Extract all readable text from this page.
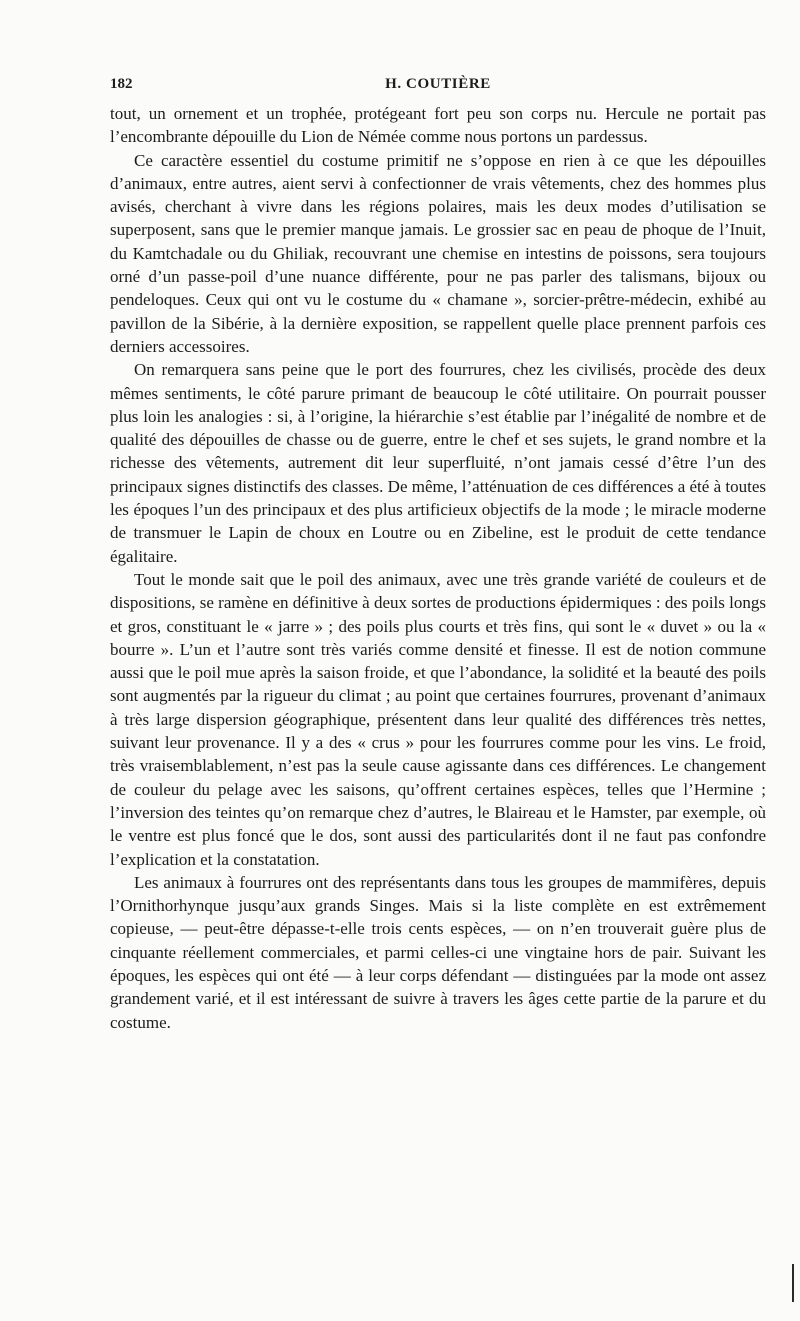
182	H. COUTIÈRE

tout, un ornement et un trophée, protégeant fort peu son corps nu. Hercule ne portait pas l’encombrante dépouille du Lion de Némée comme nous portons un pardessus.

Ce caractère essentiel du costume primitif ne s’oppose en rien à ce que les dépouilles d’animaux, entre autres, aient servi à confectionner de vrais vêtements, chez des hommes plus avisés, cherchant à vivre dans les régions polaires, mais les deux modes d’utilisation se superposent, sans que le premier manque jamais. Le grossier sac en peau de phoque de l’Inuit, du Kamtchadale ou du Ghiliak, recouvrant une chemise en intestins de poissons, sera toujours orné d’un passe-poil d’une nuance différente, pour ne pas parler des talismans, bijoux ou pendeloques. Ceux qui ont vu le costume du « chamane », sorcier-prêtre-médecin, exhibé au pavillon de la Sibérie, à la dernière exposition, se rappellent quelle place prennent parfois ces derniers accessoires.

On remarquera sans peine que le port des fourrures, chez les civilisés, procède des deux mêmes sentiments, le côté parure primant de beaucoup le côté utilitaire. On pourrait pousser plus loin les analogies : si, à l’origine, la hiérarchie s’est établie par l’inégalité de nombre et de qualité des dépouilles de chasse ou de guerre, entre le chef et ses sujets, le grand nombre et la richesse des vêtements, autrement dit leur superfluité, n’ont jamais cessé d’être l’un des principaux signes distinctifs des classes. De même, l’atténuation de ces différences a été à toutes les époques l’un des principaux et des plus artificieux objectifs de la mode ; le miracle moderne de transmuer le Lapin de choux en Loutre ou en Zibeline, est le produit de cette tendance égalitaire.

Tout le monde sait que le poil des animaux, avec une très grande variété de couleurs et de dispositions, se ramène en définitive à deux sortes de productions épidermiques : des poils longs et gros, constituant le « jarre » ; des poils plus courts et très fins, qui sont le « duvet » ou la « bourre ». L’un et l’autre sont très variés comme densité et finesse. Il est de notion commune aussi que le poil mue après la saison froide, et que l’abondance, la solidité et la beauté des poils sont augmentés par la rigueur du climat ; au point que certaines fourrures, provenant d’animaux à très large dispersion géographique, présentent dans leur qualité des différences très nettes, suivant leur provenance. Il y a des « crus » pour les fourrures comme pour les vins. Le froid, très vraisemblablement, n’est pas la seule cause agissante dans ces différences. Le changement de couleur du pelage avec les saisons, qu’offrent certaines espèces, telles que l’Hermine ; l’inversion des teintes qu’on remarque chez d’autres, le Blaireau et le Hamster, par exemple, où le ventre est plus foncé que le dos, sont aussi des particularités dont il ne faut pas confondre l’explication et la constatation.

Les animaux à fourrures ont des représentants dans tous les groupes de mammifères, depuis l’Ornithorhynque jusqu’aux grands Singes. Mais si la liste complète en est extrêmement copieuse, — peut-être dépasse-t-elle trois cents espèces, — on n’en trouverait guère plus de cinquante réellement commerciales, et parmi celles-ci une vingtaine hors de pair. Suivant les époques, les espèces qui ont été — à leur corps défendant — distinguées par la mode ont assez grandement varié, et il est intéressant de suivre à travers les âges cette partie de la parure et du costume.
